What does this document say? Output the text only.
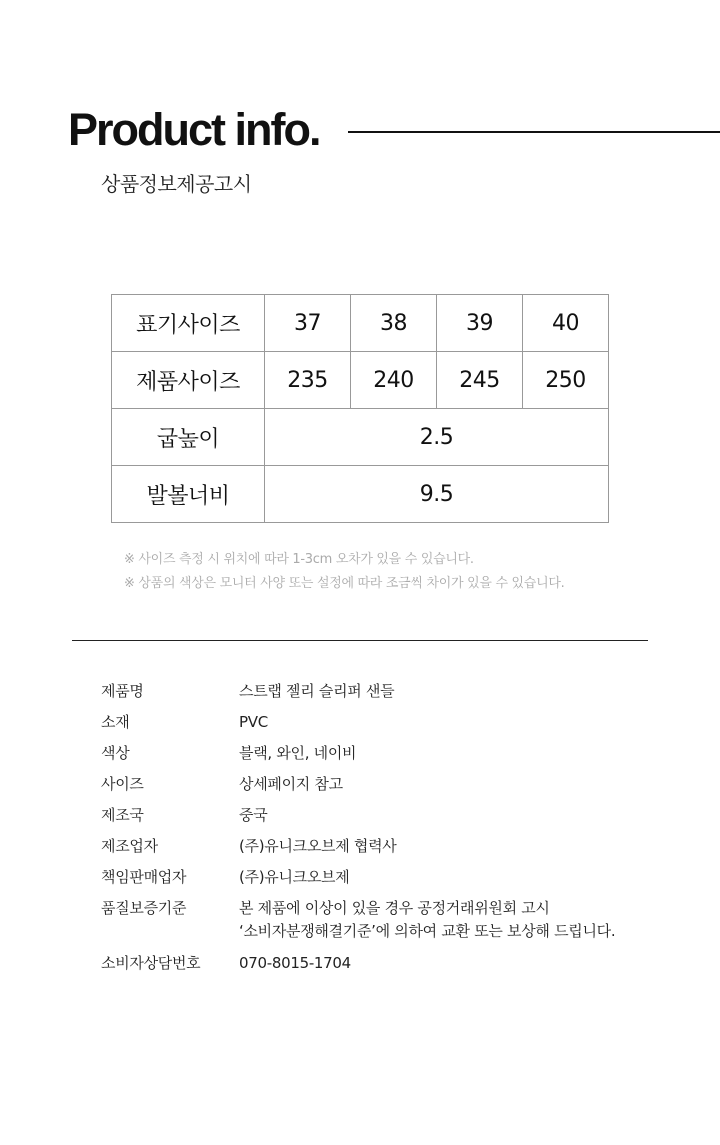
Product info.
상품정보제공고시
표기사이즈	37	38	39	40
제품사이즈	235	240	245	250
굽높이	2.5			
발볼너비	9.5			
※ 사이즈 측정 시 위치에 따라 1-3cm 오차가 있을 수 있습니다.
※ 상품의 색상은 모니터 사양 또는 설정에 따라 조금씩 차이가 있을 수 있습니다.
제품명	스트랩 젤리 슬리퍼 샌들
소재	PVC
색상	블랙, 와인, 네이비
사이즈	상세페이지 참고
제조국	중국
제조업자	(주)유니크오브제 협력사
책임판매업자	(주)유니크오브제
품질보증기준	본 제품에 이상이 있을 경우 공정거래위원회 고시
‘소비자분쟁해결기준’에 의하여 교환 또는 보상해 드립니다.
소비자상담번호	070-8015-1704
